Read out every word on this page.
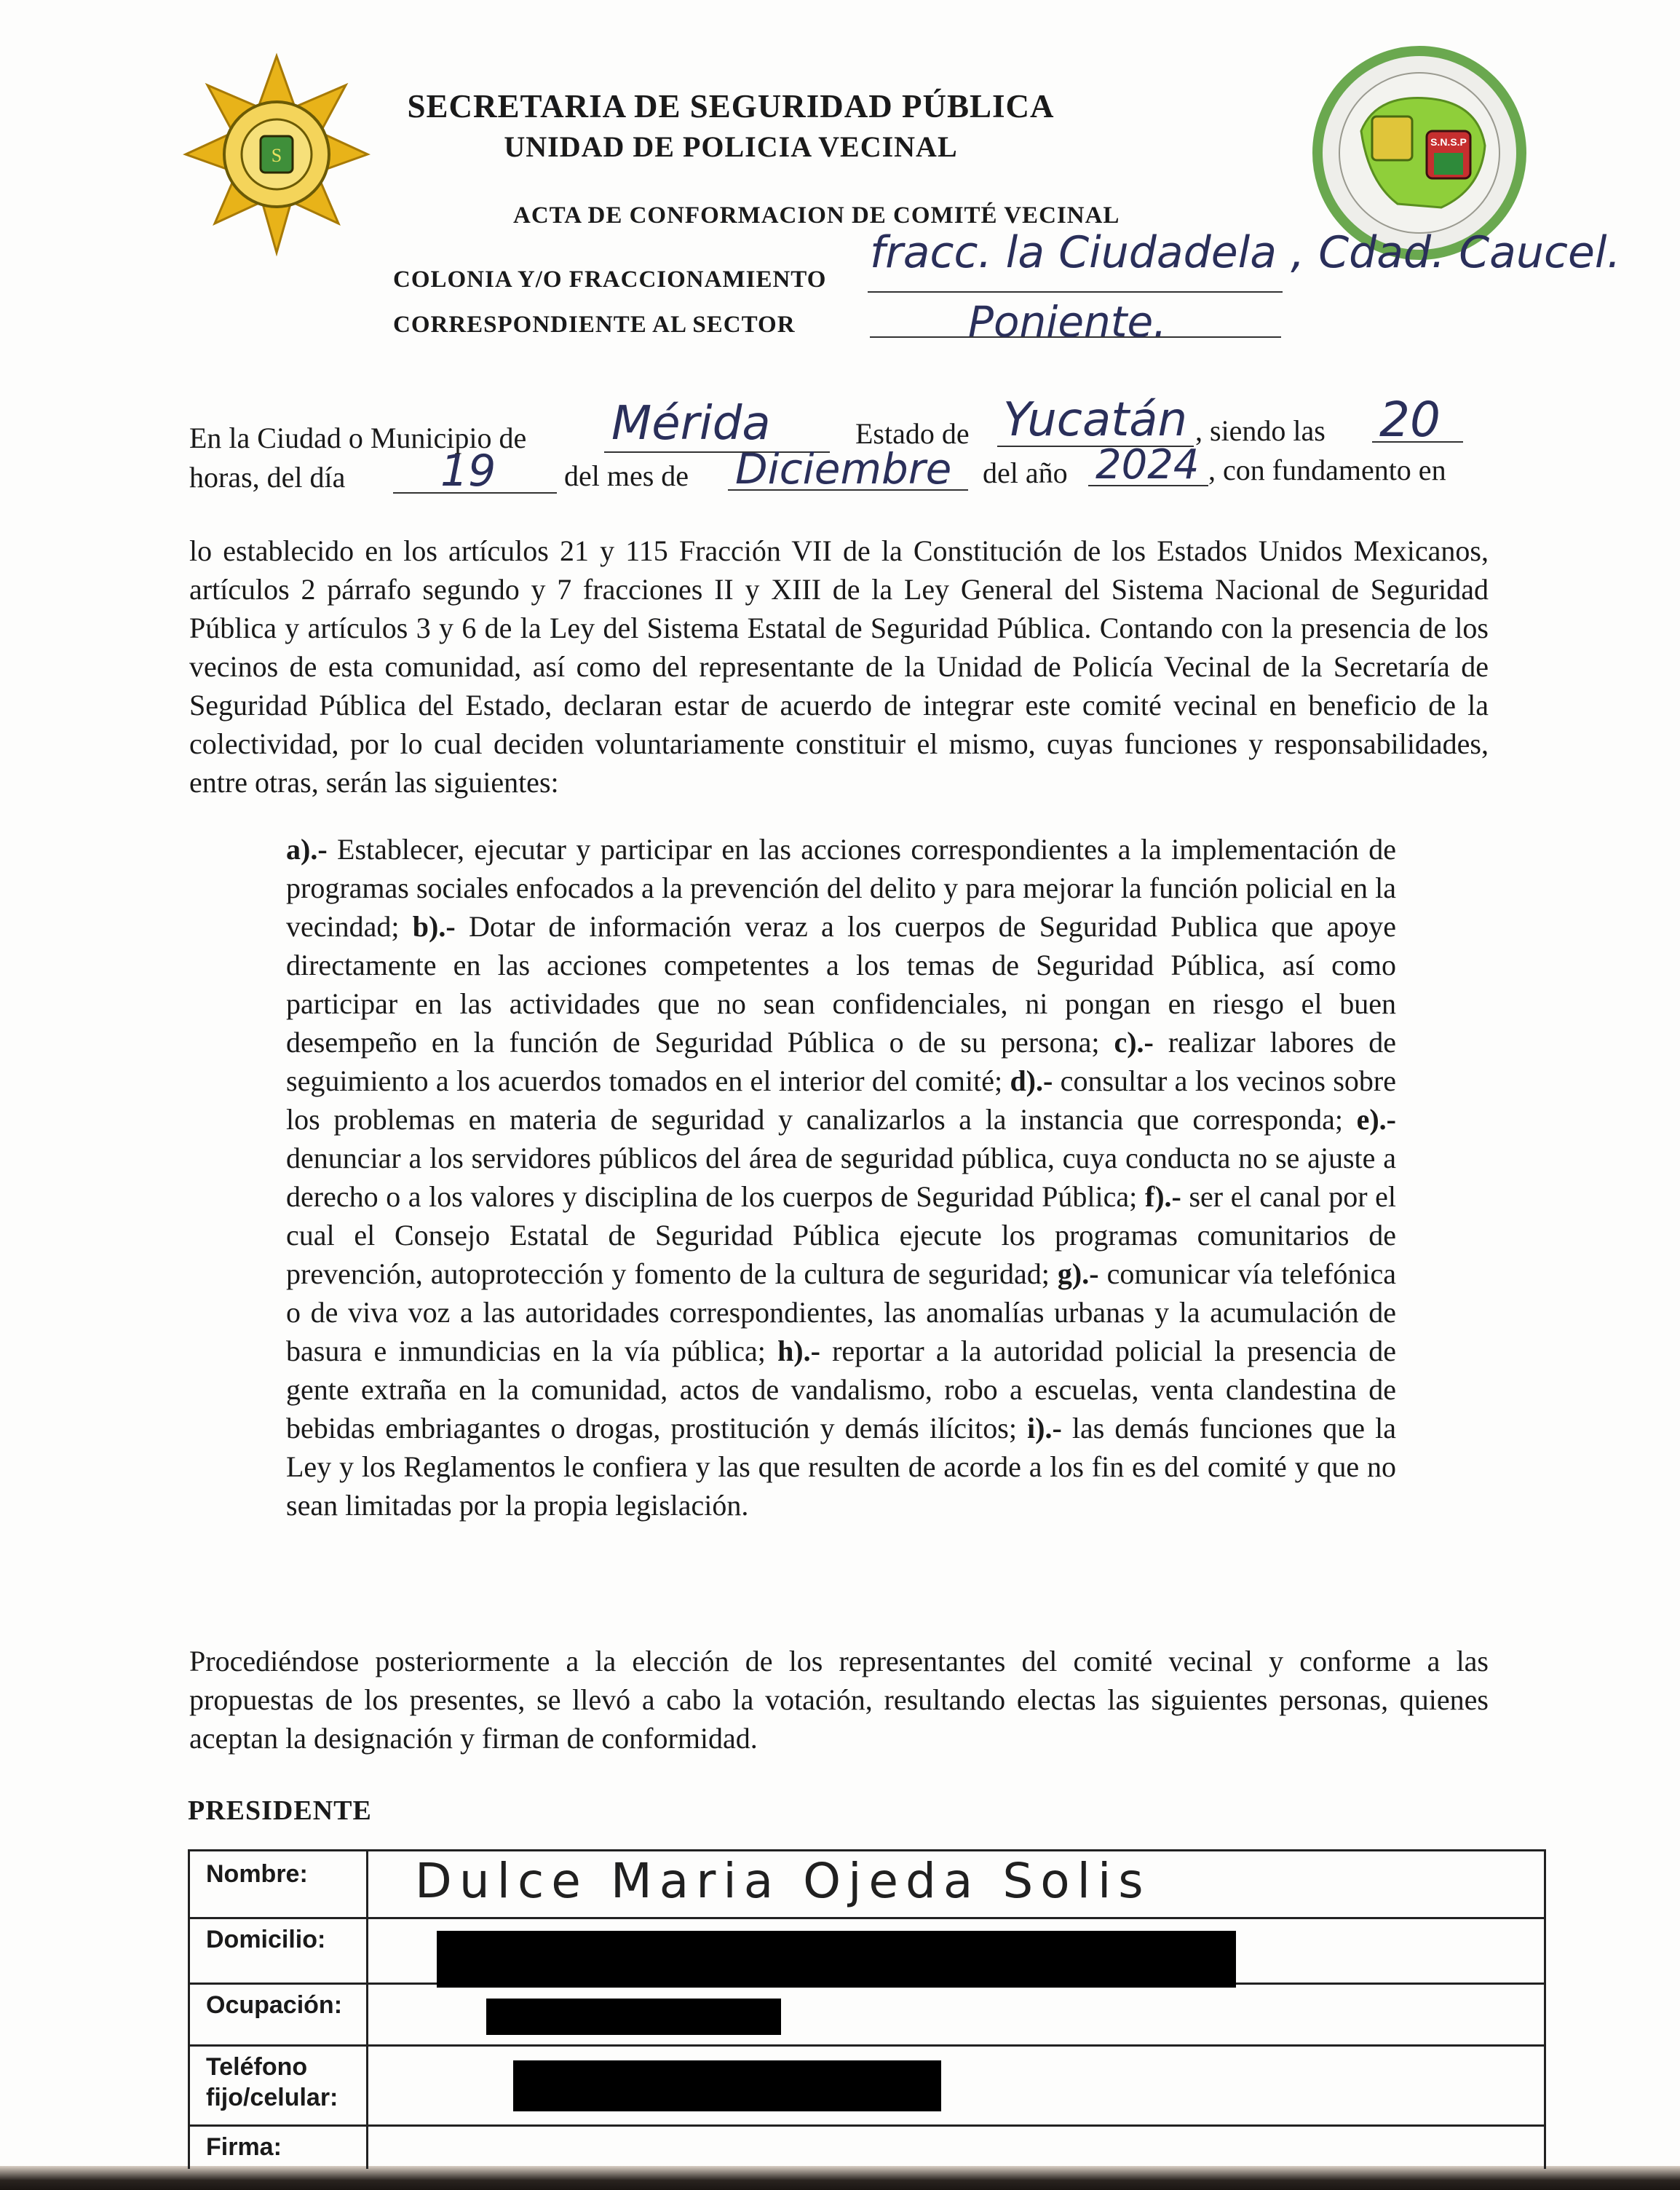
S
S.N.S.P
SECRETARIA DE SEGURIDAD PÚBLICA
UNIDAD DE POLICIA VECINAL
ACTA DE CONFORMACION DE COMITÉ VECINAL
COLONIA Y/O FRACCIONAMIENTO
fracc. la Ciudadela , Cdad. Caucel.
CORRESPONDIENTE AL SECTOR	Poniente.
En la Ciudad o Municipio de Mérida	Estado de Yucatán , siendo las 20
horas, del día 19 del mes de Diciembre del año 2024 , con fundamento en
lo establecido en los artículos 21 y 115 Fracción VII de la Constitución de los Estados Unidos Mexicanos, artículos 2 párrafo segundo y 7 fracciones II y XIII de la Ley General del Sistema Nacional de Seguridad Pública y artículos 3 y 6 de la Ley del Sistema Estatal de Seguridad Pública. Contando con la presencia de los vecinos de esta comunidad, así como del representante de la Unidad de Policía Vecinal de la Secretaría de Seguridad Pública del Estado, declaran estar de acuerdo de integrar este comité vecinal en beneficio de la colectividad, por lo cual deciden voluntariamente constituir el mismo, cuyas funciones y responsabilidades, entre otras, serán las siguientes:
a).- Establecer, ejecutar y participar en las acciones correspondientes a la implementación de programas sociales enfocados a la prevención del delito y para mejorar la función policial en la vecindad; b).- Dotar de información veraz a los cuerpos de Seguridad Publica que apoye directamente en las acciones competentes a los temas de Seguridad Pública, así como participar en las actividades que no sean confidenciales, ni pongan en riesgo el buen desempeño en la función de Seguridad Pública o de su persona; c).- realizar labores de seguimiento a los acuerdos tomados en el interior del comité; d).- consultar a los vecinos sobre los problemas en materia de seguridad y canalizarlos a la instancia que corresponda; e).- denunciar a los servidores públicos del área de seguridad pública, cuya conducta no se ajuste a derecho o a los valores y disciplina de los cuerpos de Seguridad Pública; f).- ser el canal por el cual el Consejo Estatal de Seguridad Pública ejecute los programas comunitarios de prevención, autoprotección y fomento de la cultura de seguridad; g).- comunicar vía telefónica o de viva voz a las autoridades correspondientes, las anomalías urbanas y la acumulación de basura e inmundicias en la vía pública; h).- reportar a la autoridad policial la presencia de gente extraña en la comunidad, actos de vandalismo, robo a escuelas, venta clandestina de bebidas embriagantes o drogas, prostitución y demás ilícitos; i).- las demás funciones que la Ley y los Reglamentos le confiera y las que resulten de acorde a los fin es del comité y que no sean limitadas por la propia legislación.
Procediéndose posteriormente a la elección de los representantes del comité vecinal y conforme a las propuestas de los presentes, se llevó a cabo la votación, resultando electas las siguientes personas, quienes aceptan la designación y firman de conformidad.
PRESIDENTE
Nombre:
Domicilio:
Ocupación:
Teléfono fijo/celular:
Firma:
Dulce Maria Ojeda Solis
